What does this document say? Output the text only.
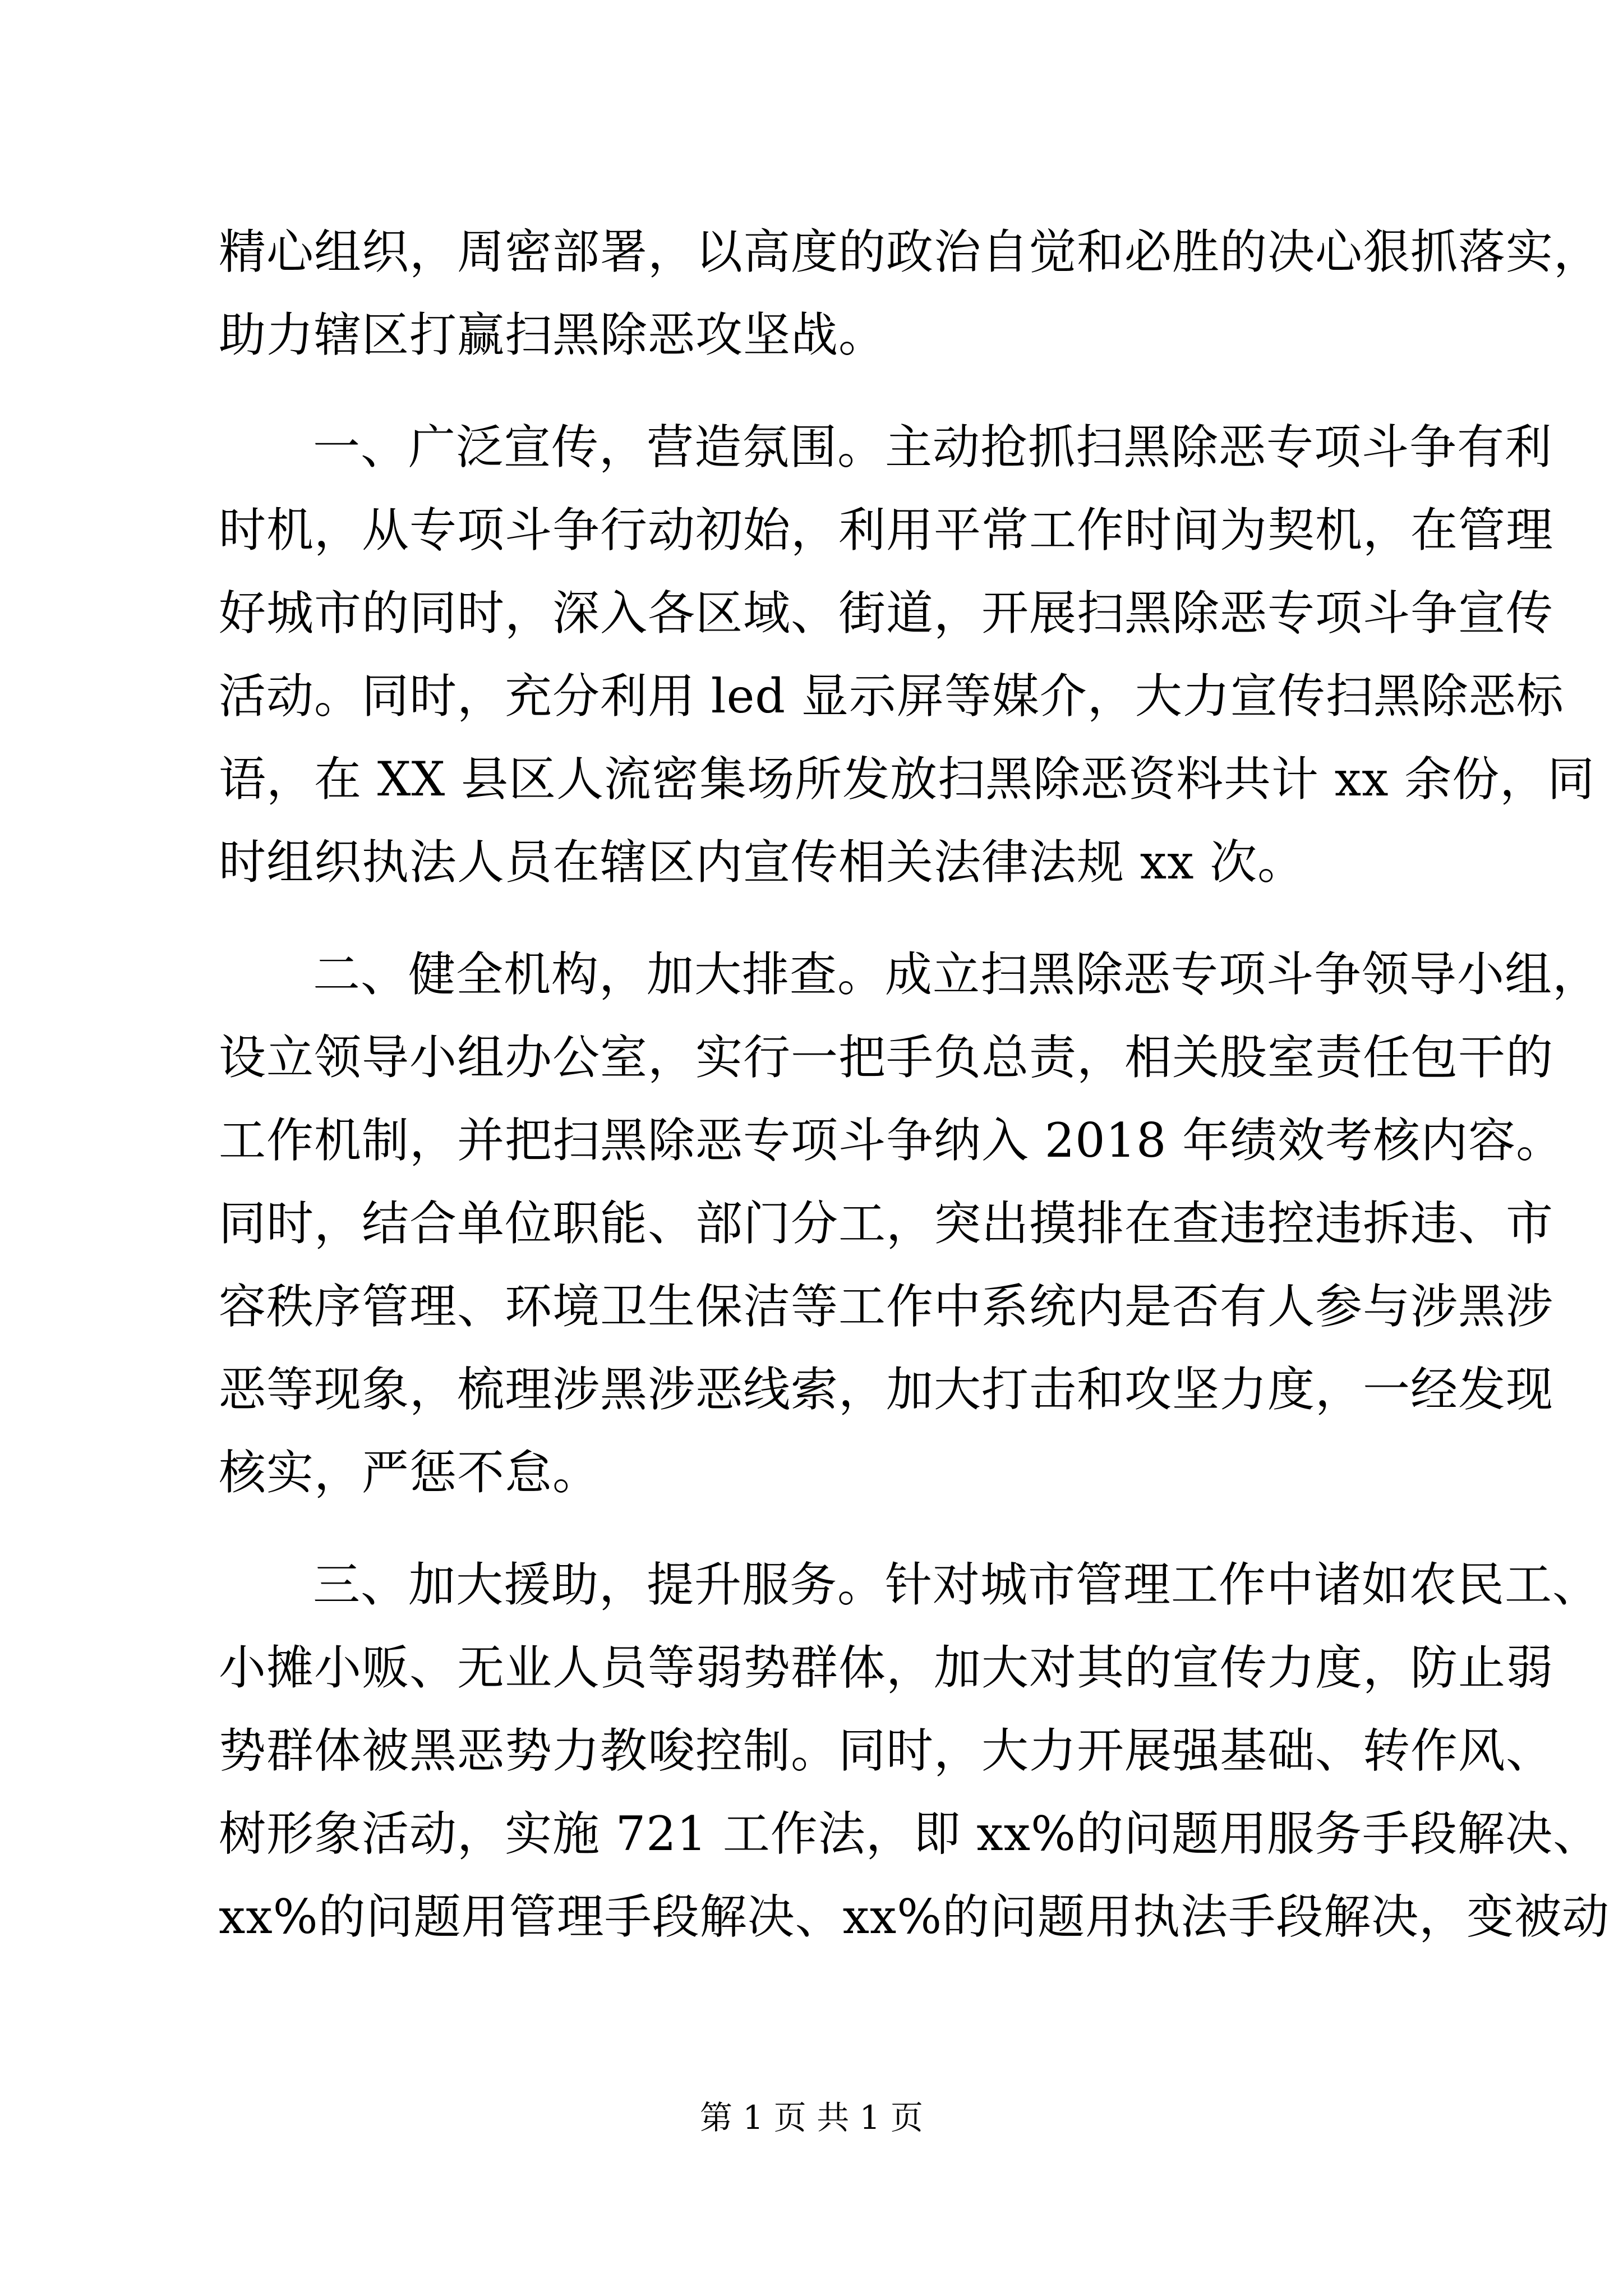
精心组织，周密部署，以高度的政治自觉和必胜的决心狠抓落实，
助力辖区打赢扫黑除恶攻坚战。
一、广泛宣传，营造氛围。主动抢抓扫黑除恶专项斗争有利
时机，从专项斗争行动初始，利用平常工作时间为契机，在管理
好城市的同时，深入各区域、街道，开展扫黑除恶专项斗争宣传
活动。同时，充分利用 led 显示屏等媒介，大力宣传扫黑除恶标
语，在 XX 县区人流密集场所发放扫黑除恶资料共计 xx 余份，同
时组织执法人员在辖区内宣传相关法律法规 xx 次。
二、健全机构，加大排查。成立扫黑除恶专项斗争领导小组，
设立领导小组办公室，实行一把手负总责，相关股室责任包干的
工作机制，并把扫黑除恶专项斗争纳入 2018 年绩效考核内容。
同时，结合单位职能、部门分工，突出摸排在查违控违拆违、市
容秩序管理、环境卫生保洁等工作中系统内是否有人参与涉黑涉
恶等现象，梳理涉黑涉恶线索，加大打击和攻坚力度，一经发现
核实，严惩不怠。
三、加大援助，提升服务。针对城市管理工作中诸如农民工、
小摊小贩、无业人员等弱势群体，加大对其的宣传力度，防止弱
势群体被黑恶势力教唆控制。同时，大力开展强基础、转作风、
树形象活动，实施 721 工作法，即 xx%的问题用服务手段解决、
xx%的问题用管理手段解决、xx%的问题用执法手段解决，变被动
第 1 页 共 1 页
